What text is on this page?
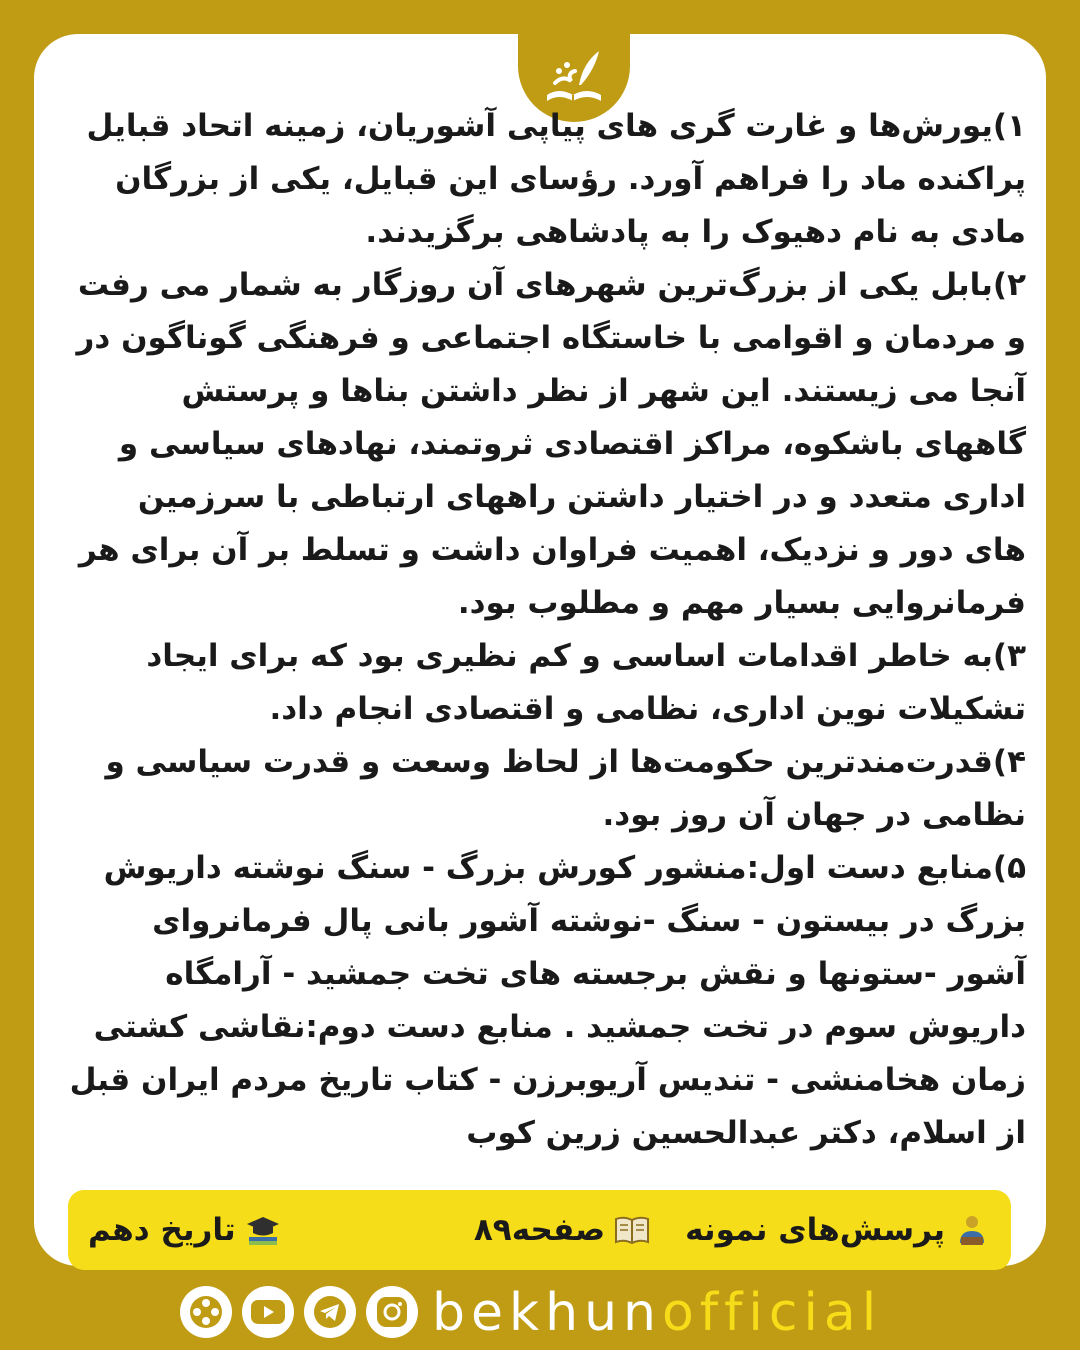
۱)یورش‌ها و غارت گری های پیاپی آشوریان، زمینه اتحاد قبایل پراکنده ماد را فراهم آورد. رؤسای این قبایل، یکی از بزرگان مادی به نام دهیوک را به پادشاهی برگزیدند.

۲)بابل یکی از بزرگ‌ترین شهرهای آن روزگار به شمار می رفت و مردمان و اقوامی با خاستگاه اجتماعی و فرهنگی گوناگون در آنجا می زیستند. این شهر از نظر داشتن بناها و پرستش گاههای باشکوه، مراکز اقتصادی ثروتمند، نهادهای سیاسی و اداری متعدد و در اختیار داشتن راههای ارتباطی با سرزمین های دور و نزدیک، اهمیت فراوان داشت و تسلط بر آن برای هر فرمانروایی بسیار مهم و مطلوب بود.

۳)به خاطر اقدامات اساسی و کم نظیری بود که برای ایجاد تشکیلات نوین اداری، نظامی و اقتصادی انجام داد.

۴)قدرت‌مندترین حکومت‌ها از لحاظ وسعت و قدرت سیاسی و نظامی در جهان آن روز بود.

۵)منابع دست اول:منشور کورش بزرگ - سنگ نوشته داریوش بزرگ در بیستون - سنگ -نوشته آشور بانی پال فرمانروای آشور -ستونها و نقش برجسته های تخت جمشید - آرامگاه داریوش سوم در تخت جمشید . منابع دست دوم:نقاشی کشتی زمان هخامنشی - تندیس آریوبرزن - کتاب تاریخ مردم ایران قبل از اسلام، دکتر عبدالحسین زرین کوب

پرسش‌های نمونه
صفحه۸۹
تاریخ دهم
bekhunofficial
